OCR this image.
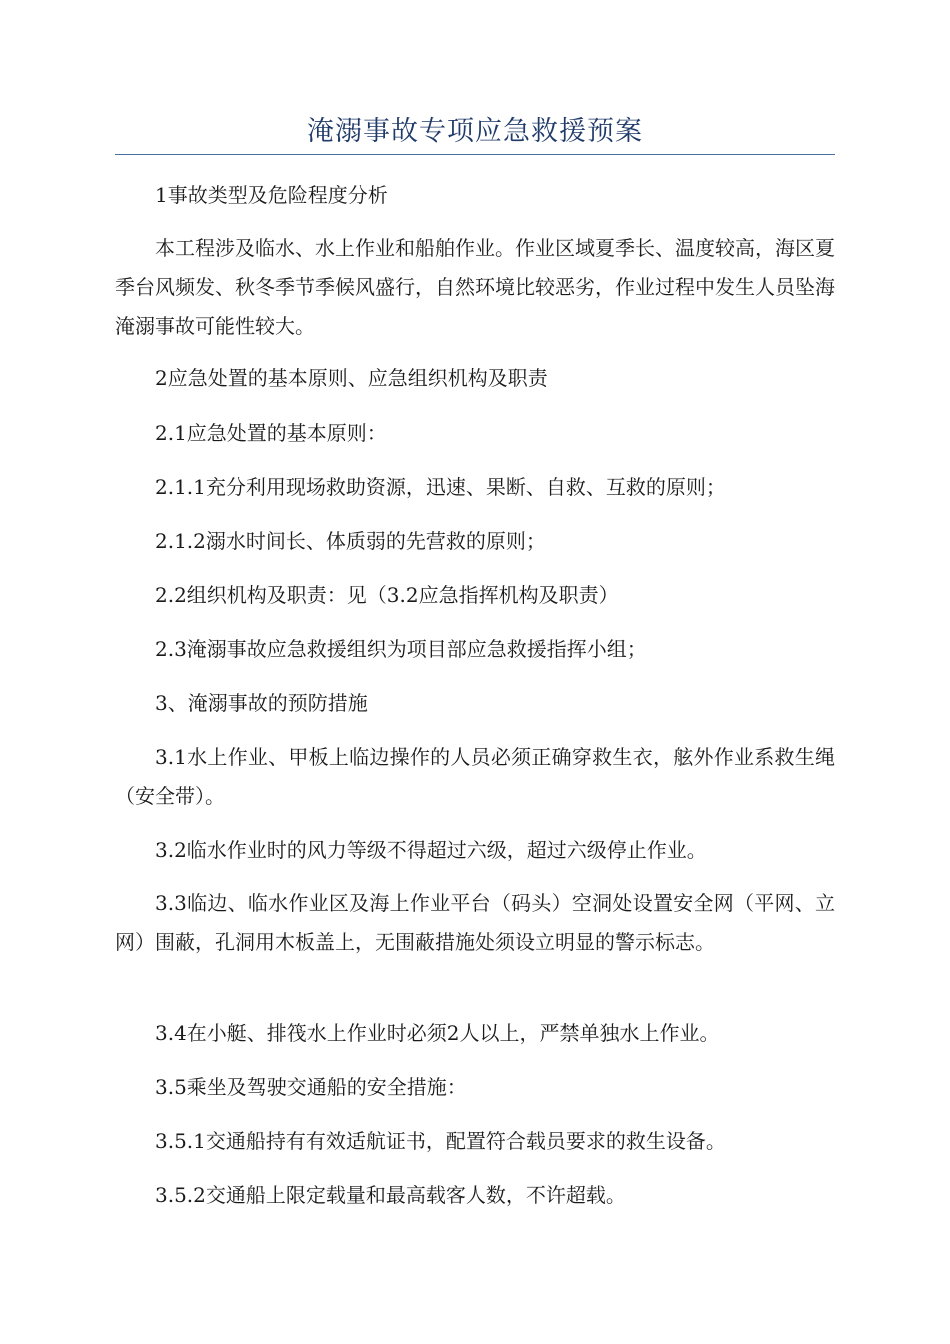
淹溺事故专项应急救援预案

1事故类型及危险程度分析

本工程涉及临水、水上作业和船舶作业。作业区域夏季长、温度较高，海区夏季台风频发、秋冬季节季候风盛行，自然环境比较恶劣，作业过程中发生人员坠海淹溺事故可能性较大。

2应急处置的基本原则、应急组织机构及职责

2.1应急处置的基本原则：

2.1.1充分利用现场救助资源，迅速、果断、自救、互救的原则；

2.1.2溺水时间长、体质弱的先营救的原则；

2.2组织机构及职责：见（3.2应急指挥机构及职责）

2.3淹溺事故应急救援组织为项目部应急救援指挥小组；

3、淹溺事故的预防措施

3.1水上作业、甲板上临边操作的人员必须正确穿救生衣，舷外作业系救生绳（安全带）。

3.2临水作业时的风力等级不得超过六级，超过六级停止作业。

3.3临边、临水作业区及海上作业平台（码头）空洞处设置安全网（平网、立网）围蔽，孔洞用木板盖上，无围蔽措施处须设立明显的警示标志。

3.4在小艇、排筏水上作业时必须2人以上，严禁单独水上作业。

3.5乘坐及驾驶交通船的安全措施：

3.5.1交通船持有有效适航证书，配置符合载员要求的救生设备。

3.5.2交通船上限定载量和最高载客人数，不许超载。
